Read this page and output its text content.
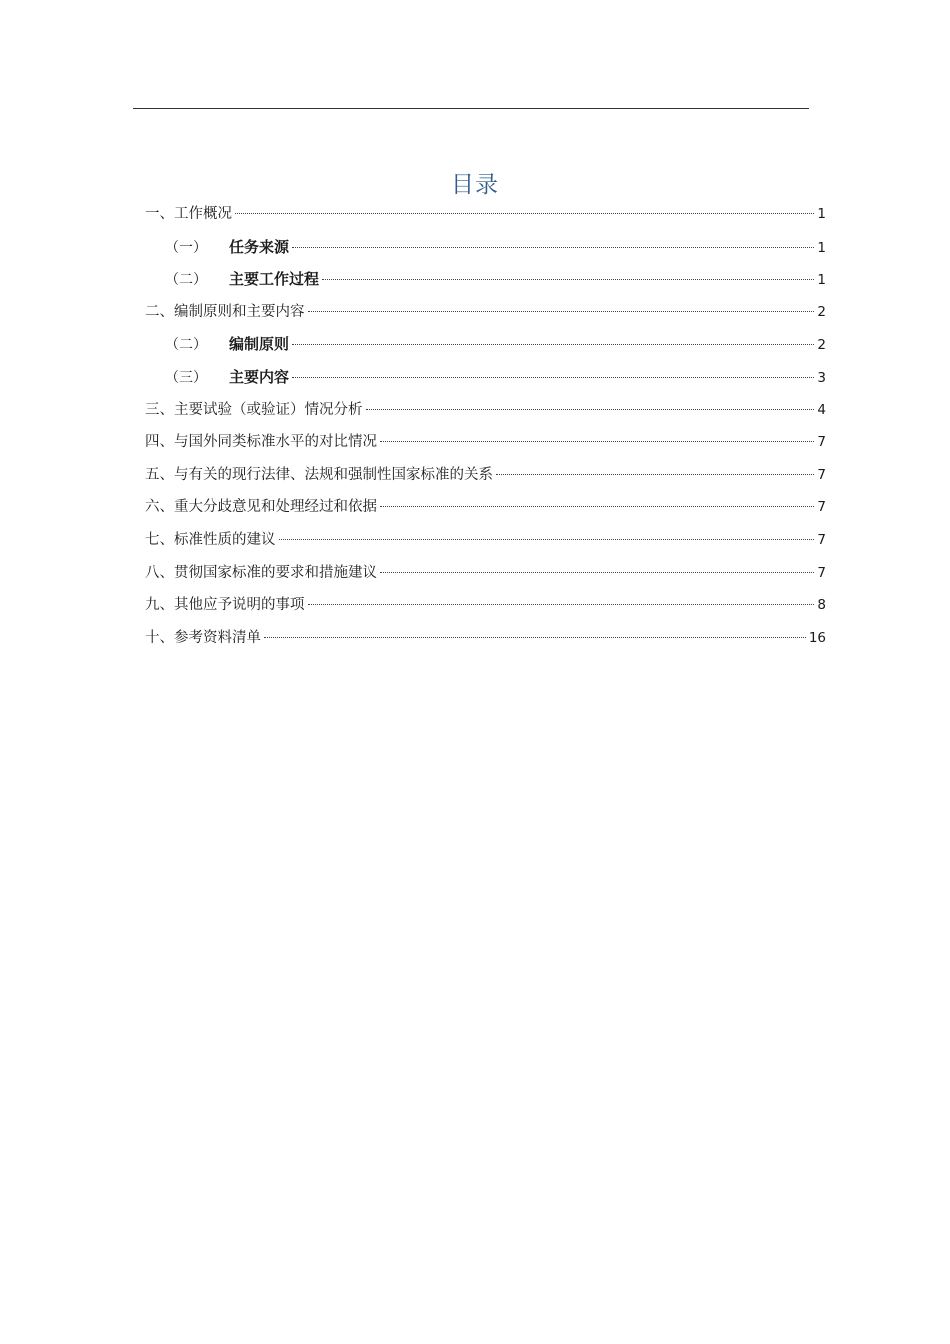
目录
一、 工作概况	1
（一）	任务来源	1
（二）	主要工作过程	1
二、 编制原则和主要内容	2
（二）	编制原则	2
（三）	主要内容	3
三、 主要试验（或验证）情况分析	4
四、 与国外同类标准水平的对比情况	7
五、 与有关的现行法律、法规和强制性国家标准的关系	7
六、 重大分歧意见和处理经过和依据	7
七、 标准性质的建议	7
八、 贯彻国家标准的要求和措施建议	7
九、 其他应予说明的事项	8
十、 参考资料清单	16
